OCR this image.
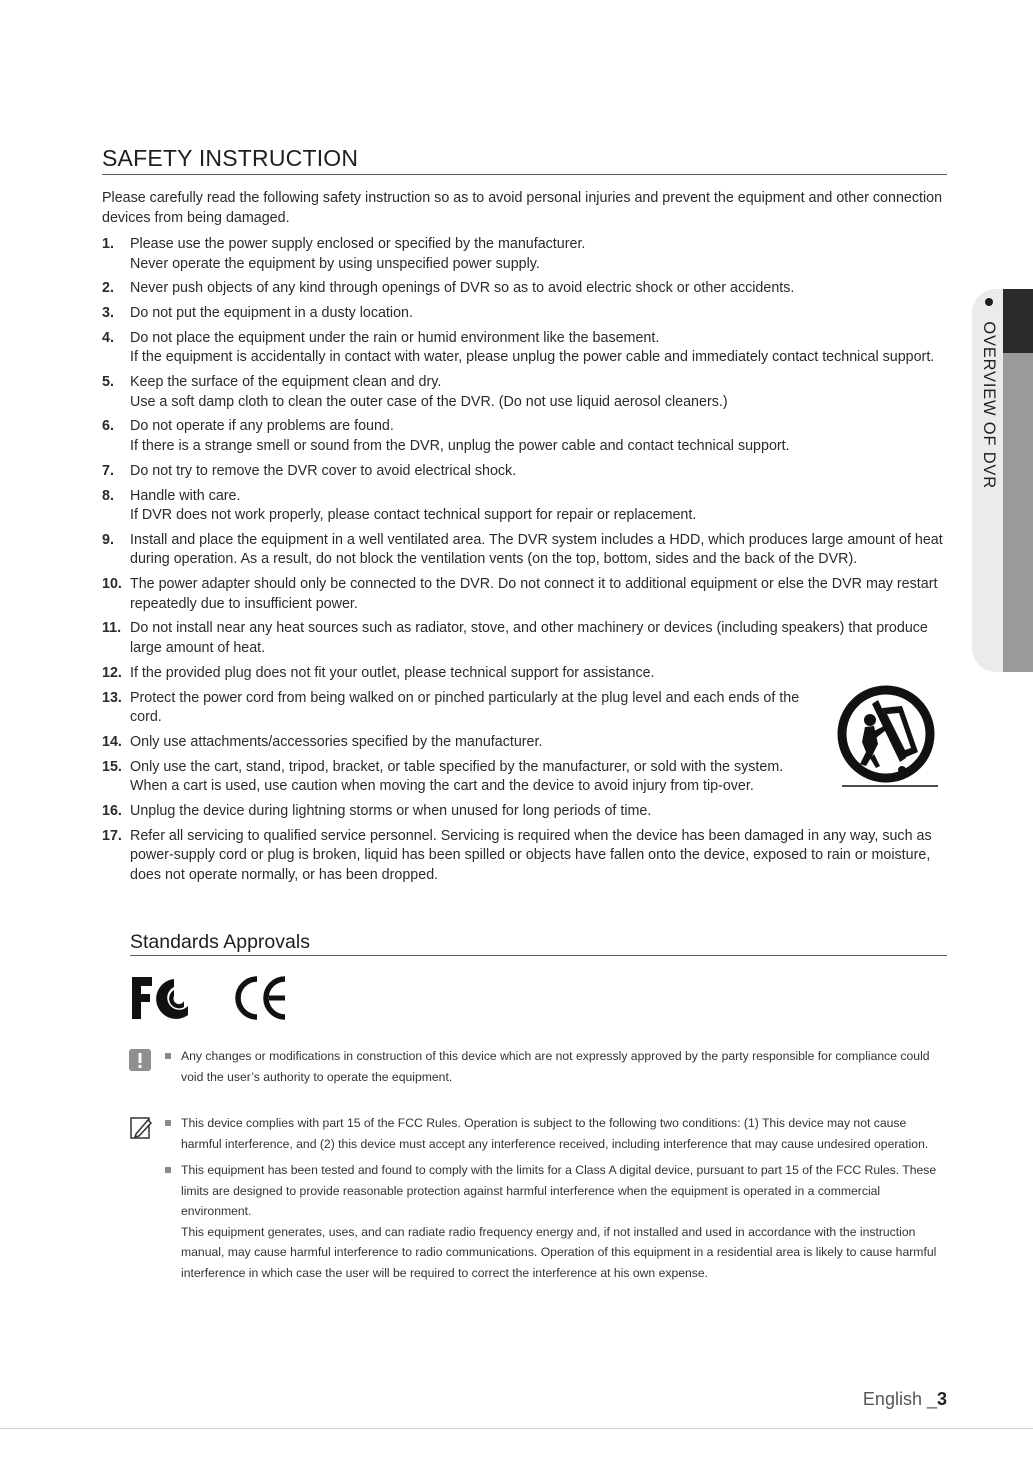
SAFETY INSTRUCTION
Please carefully read the following safety instruction so as to avoid personal injuries and prevent the equipment and other connection devices from being damaged.
1. Please use the power supply enclosed or specified by the manufacturer.
Never operate the equipment by using unspecified power supply.
2. Never push objects of any kind through openings of DVR so as to avoid electric shock or other accidents.
3. Do not put the equipment in a dusty location.
4. Do not place the equipment under the rain or humid environment like the basement.
If the equipment is accidentally in contact with water, please unplug the power cable and immediately contact technical support.
5. Keep the surface of the equipment clean and dry.
Use a soft damp cloth to clean the outer case of the DVR. (Do not use liquid aerosol cleaners.)
6. Do not operate if any problems are found.
If there is a strange smell or sound from the DVR, unplug the power cable and contact technical support.
7. Do not try to remove the DVR cover to avoid electrical shock.
8. Handle with care.
If DVR does not work properly, please contact technical support for repair or replacement.
9. Install and place the equipment in a well ventilated area. The DVR system includes a HDD, which produces large amount of heat during operation. As a result, do not block the ventilation vents (on the top, bottom, sides and the back of the DVR).
10. The power adapter should only be connected to the DVR. Do not connect it to additional equipment or else the DVR may restart repeatedly due to insufficient power.
11. Do not install near any heat sources such as radiator, stove, and other machinery or devices (including speakers) that produce large amount of heat.
12. If the provided plug does not fit your outlet, please technical support for assistance.
13. Protect the power cord from being walked on or pinched particularly at the plug level and each ends of the cord.
14. Only use attachments/accessories specified by the manufacturer.
15. Only use the cart, stand, tripod, bracket, or table specified by the manufacturer, or sold with the system.
When a cart is used, use caution when moving the cart and the device to avoid injury from tip-over.
16. Unplug the device during lightning storms or when unused for long periods of time.
17. Refer all servicing to qualified service personnel. Servicing is required when the device has been damaged in any way, such as power-supply cord or plug is broken, liquid has been spilled or objects have fallen onto the device, exposed to rain or moisture, does not operate normally, or has been dropped.
Standards Approvals
Any changes or modifications in construction of this device which are not expressly approved by the party responsible for compliance could void the user’s authority to operate the equipment.
This device complies with part 15 of the FCC Rules. Operation is subject to the following two conditions: (1) This device may not cause harmful interference, and (2) this device must accept any interference received, including interference that may cause undesired operation.
This equipment has been tested and found to comply with the limits for a Class A digital device, pursuant to part 15 of the FCC Rules. These limits are designed to provide reasonable protection against harmful interference when the equipment is operated in a commercial environment.
This equipment generates, uses, and can radiate radio frequency energy and, if not installed and used in accordance with the instruction manual, may cause harmful interference to radio communications. Operation of this equipment in a residential area is likely to cause harmful interference in which case the user will be required to correct the interference at his own expense.
OVERVIEW OF DVR
English _3
